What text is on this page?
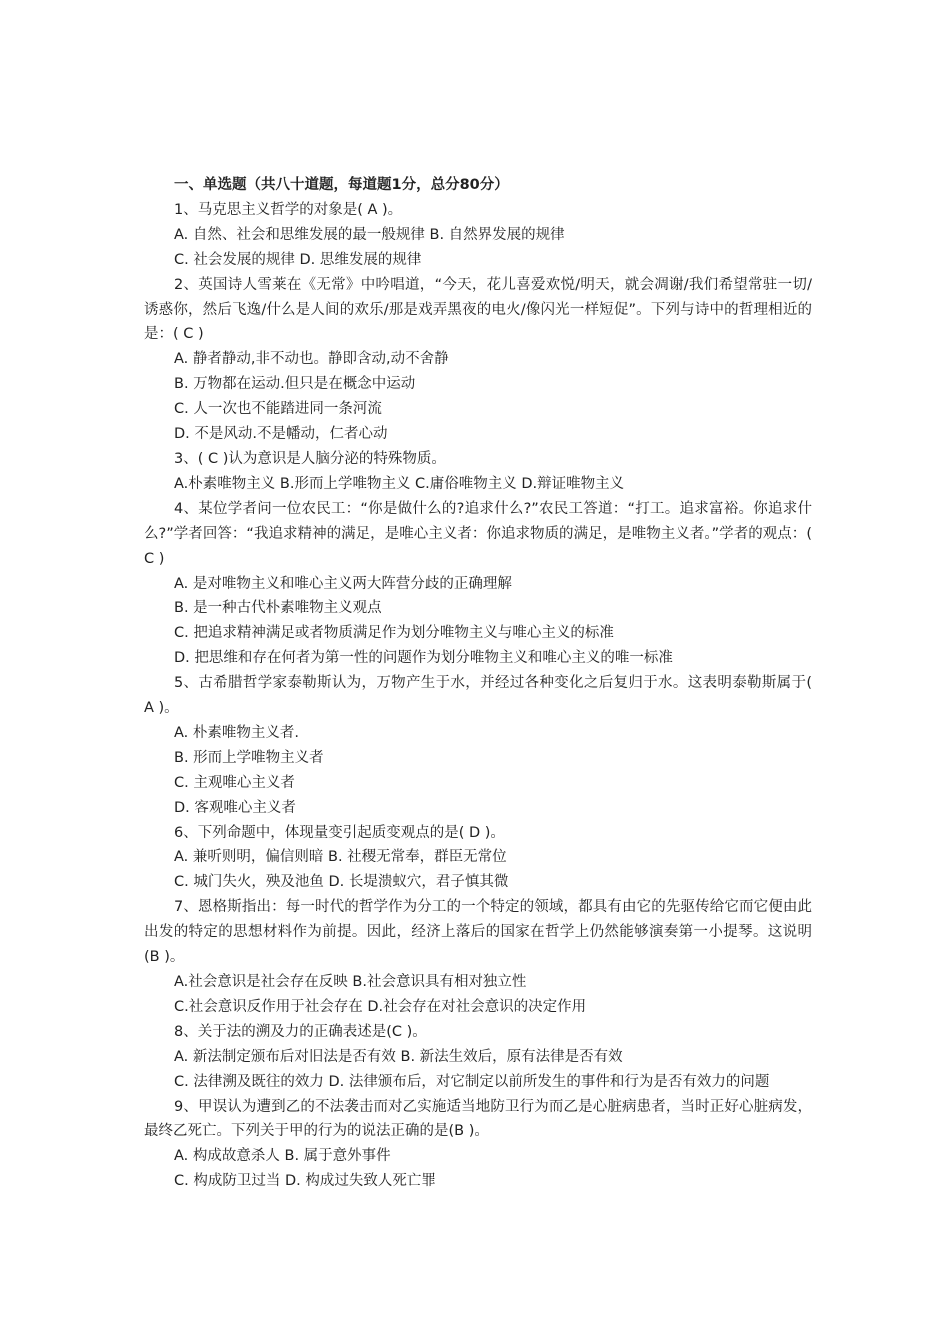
一、单选题（共八十道题，每道题1分，总分80分）
1、马克思主义哲学的对象是( A )。
A. 自然、社会和思维发展的最一般规律 B. 自然界发展的规律
C. 社会发展的规律 D. 思维发展的规律
2、英国诗人雪莱在《无常》中吟唱道，“今天，花儿喜爱欢悦/明天，就会凋谢/我们希望常驻一切/诱惑你，然后飞逸/什么是人间的欢乐/那是戏弄黑夜的电火/像闪光一样短促”。下列与诗中的哲理相近的是：( C )
A. 静者静动,非不动也。静即含动,动不舍静
B. 万物都在运动.但只是在概念中运动
C. 人一次也不能踏进同一条河流
D. 不是风动.不是幡动，仁者心动
3、( C )认为意识是人脑分泌的特殊物质。
A.朴素唯物主义 B.形而上学唯物主义 C.庸俗唯物主义 D.辩证唯物主义
4、某位学者问一位农民工：“你是做什么的?追求什么?”农民工答道：“打工。追求富裕。你追求什么?”学者回答：“我追求精神的满足，是唯心主义者：你追求物质的满足，是唯物主义者。”学者的观点：( C )
A. 是对唯物主义和唯心主义两大阵营分歧的正确理解
B. 是一种古代朴素唯物主义观点
C. 把追求精神满足或者物质满足作为划分唯物主义与唯心主义的标准
D. 把思维和存在何者为第一性的问题作为划分唯物主义和唯心主义的唯一标准
5、古希腊哲学家泰勒斯认为，万物产生于水，并经过各种变化之后复归于水。这表明泰勒斯属于( A )。
A. 朴素唯物主义者.
B. 形而上学唯物主义者
C. 主观唯心主义者
D. 客观唯心主义者
6、下列命题中，体现量变引起质变观点的是( D )。
A. 兼听则明，偏信则暗 B. 社稷无常奉，群臣无常位
C. 城门失火，殃及池鱼 D. 长堤溃蚁穴，君子慎其微
7、恩格斯指出：每一时代的哲学作为分工的一个特定的领域，都具有由它的先驱传给它而它便由此出发的特定的思想材料作为前提。因此，经济上落后的国家在哲学上仍然能够演奏第一小提琴。这说明(B )。
A.社会意识是社会存在反映 B.社会意识具有相对独立性
C.社会意识反作用于社会存在 D.社会存在对社会意识的决定作用
8、关于法的溯及力的正确表述是(C )。
A. 新法制定颁布后对旧法是否有效 B. 新法生效后，原有法律是否有效
C. 法律溯及既往的效力 D. 法律颁布后，对它制定以前所发生的事件和行为是否有效力的问题
9、甲误认为遭到乙的不法袭击而对乙实施适当地防卫行为而乙是心脏病患者，当时正好心脏病发，最终乙死亡。下列关于甲的行为的说法正确的是(B )。
A. 构成故意杀人 B. 属于意外事件
C. 构成防卫过当 D. 构成过失致人死亡罪
